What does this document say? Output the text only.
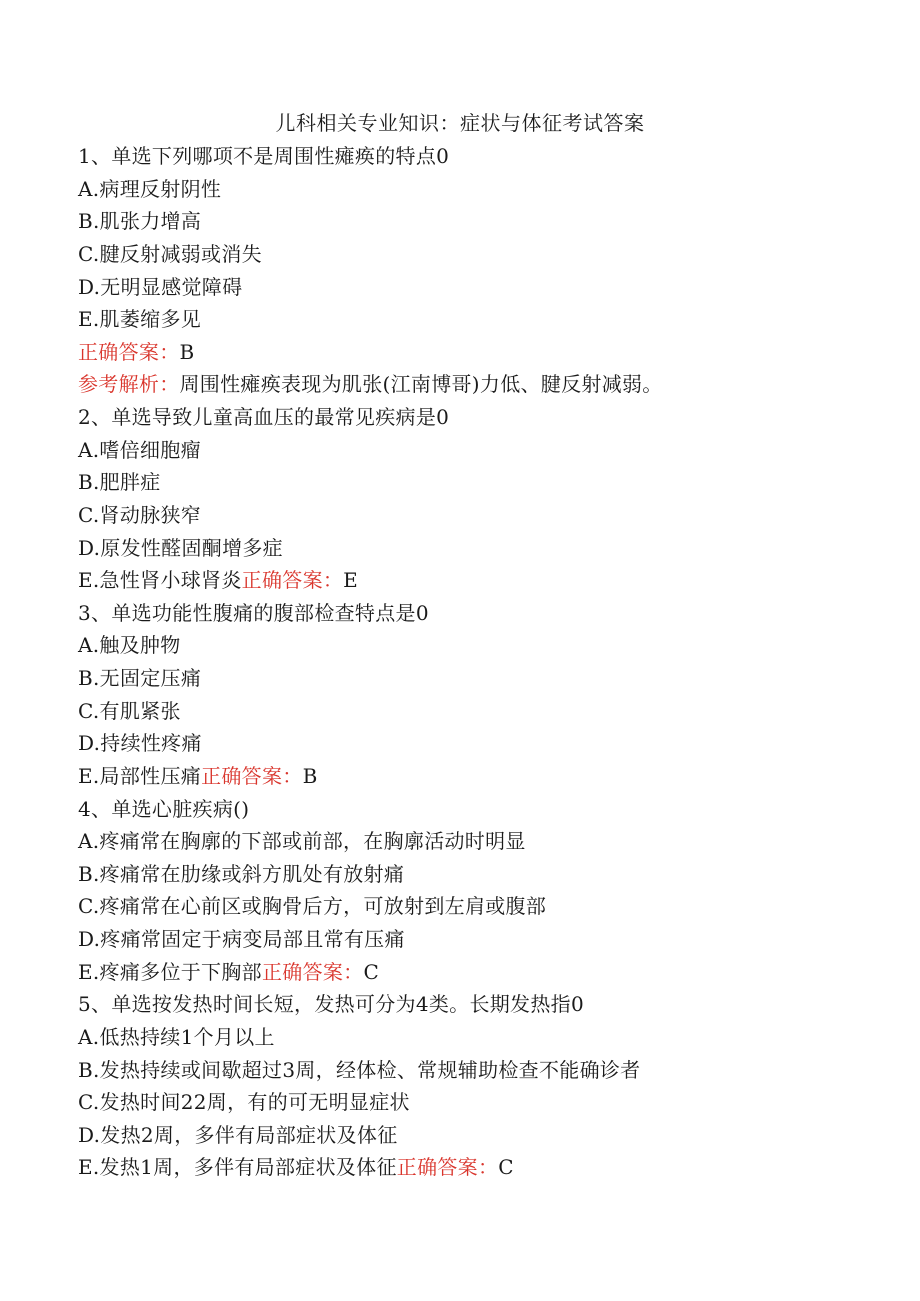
儿科相关专业知识：症状与体征考试答案
1、单选下列哪项不是周围性瘫痪的特点0
A.病理反射阴性
B.肌张力增高
C.腱反射减弱或消失
D.无明显感觉障碍
E.肌萎缩多见
正确答案：B
参考解析：周围性瘫痪表现为肌张(江南博哥)力低、腱反射减弱。
2、单选导致儿童高血压的最常见疾病是0
A.嗜倍细胞瘤
B.肥胖症
C.肾动脉狭窄
D.原发性醛固酮增多症
E.急性肾小球肾炎正确答案：E
3、单选功能性腹痛的腹部检查特点是0
A.触及肿物
B.无固定压痛
C.有肌紧张
D.持续性疼痛
E.局部性压痛正确答案：B
4、单选心脏疾病()
A.疼痛常在胸廓的下部或前部，在胸廓活动时明显
B.疼痛常在肋缘或斜方肌处有放射痛
C.疼痛常在心前区或胸骨后方，可放射到左肩或腹部
D.疼痛常固定于病变局部且常有压痛
E.疼痛多位于下胸部正确答案：C
5、单选按发热时间长短，发热可分为4类。长期发热指0
A.低热持续1个月以上
B.发热持续或间歇超过3周，经体检、常规辅助检查不能确诊者
C.发热时间22周，有的可无明显症状
D.发热2周，多伴有局部症状及体征
E.发热1周，多伴有局部症状及体征正确答案：C
